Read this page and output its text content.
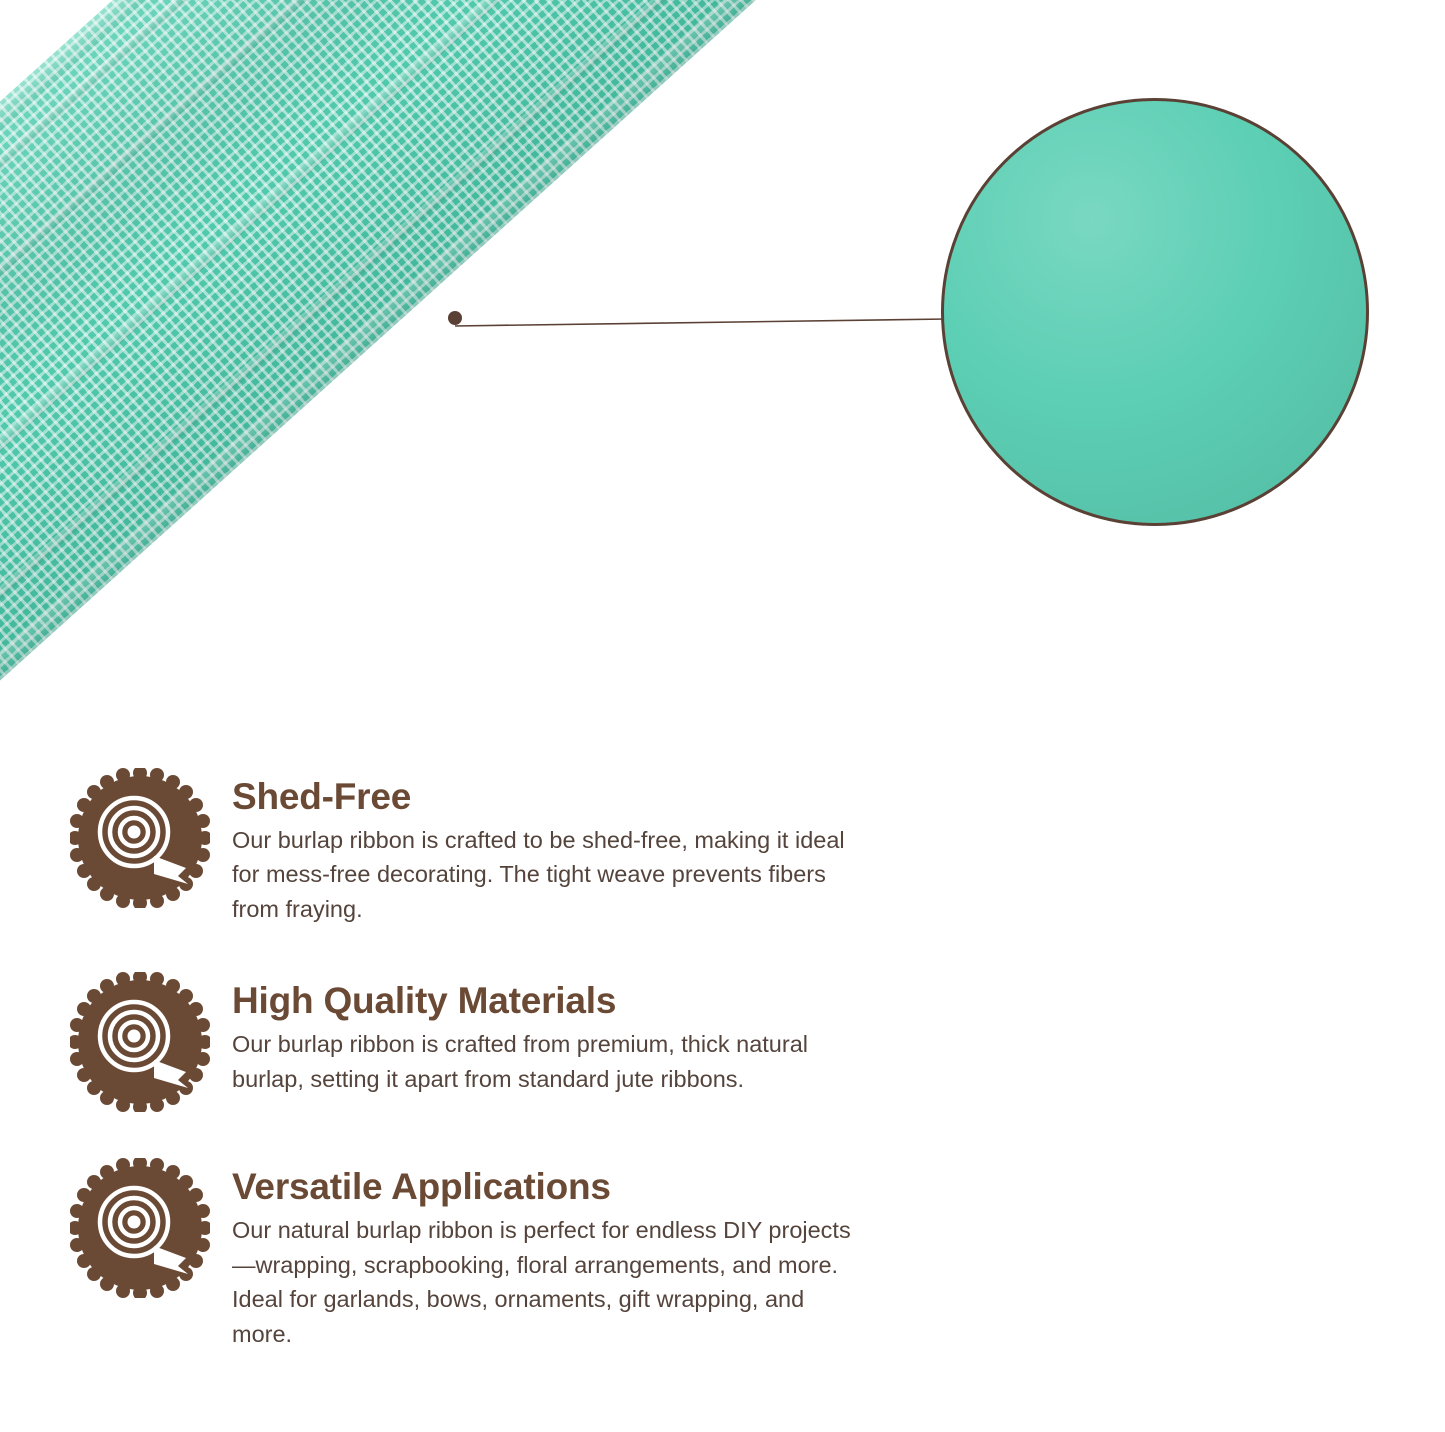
Shed-Free

Our burlap ribbon is crafted to be shed-free, making it ideal for mess-free decorating. The tight weave prevents fibers from fraying.

High Quality Materials

Our burlap ribbon is crafted from premium, thick natural burlap, setting it apart from standard jute ribbons.

Versatile Applications

Our natural burlap ribbon is perfect for endless DIY projects—wrapping, scrapbooking, floral arrangements, and more. Ideal for garlands, bows, ornaments, gift wrapping, and more.
